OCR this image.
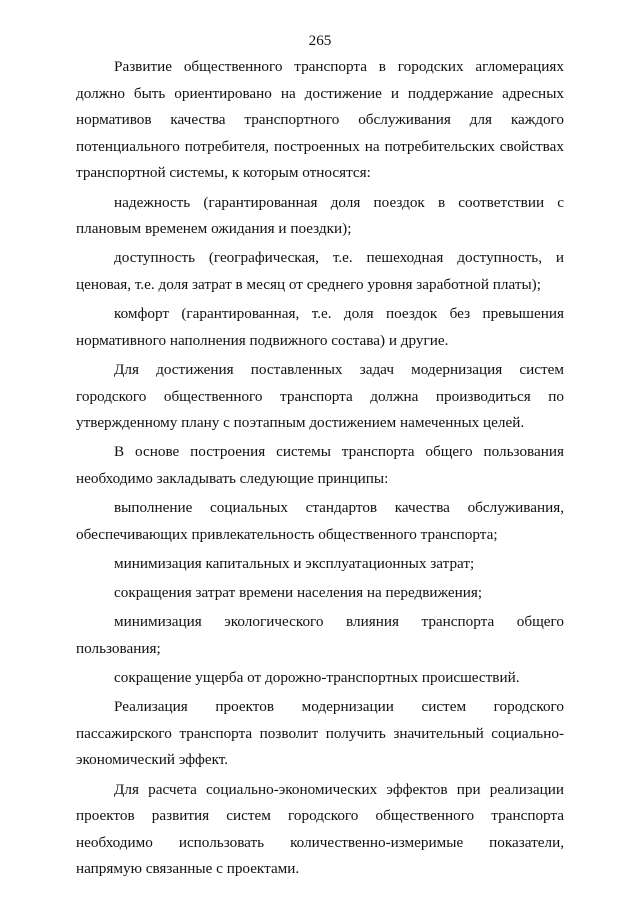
265

Развитие общественного транспорта в городских агломерациях должно быть ориентировано на достижение и поддержание адресных нормативов качества транспортного обслуживания для каждого потенциального потребителя, построенных на потребительских свойствах транспортной системы, к которым относятся:

надежность (гарантированная доля поездок в соответствии с плановым временем ожидания и поездки);

доступность (географическая, т.е. пешеходная доступность, и ценовая, т.е. доля затрат в месяц от среднего уровня заработной платы);

комфорт (гарантированная, т.е. доля поездок без превышения нормативного наполнения подвижного состава) и другие.

Для достижения поставленных задач модернизация систем городского общественного транспорта должна производиться по утвержденному плану с поэтапным достижением намеченных целей.

В основе построения системы транспорта общего пользования необходимо закладывать следующие принципы:

выполнение социальных стандартов качества обслуживания, обеспечивающих привлекательность общественного транспорта;

минимизация капитальных и эксплуатационных затрат;

сокращения затрат времени населения на передвижения;

минимизация экологического влияния транспорта общего пользования;

сокращение ущерба от дорожно-транспортных происшествий.

Реализация проектов модернизации систем городского пассажирского транспорта позволит получить значительный социально-экономический эффект.

Для расчета социально-экономических эффектов при реализации проектов развития систем городского общественного транспорта необходимо использовать количественно-измеримые показатели, напрямую связанные с проектами.
